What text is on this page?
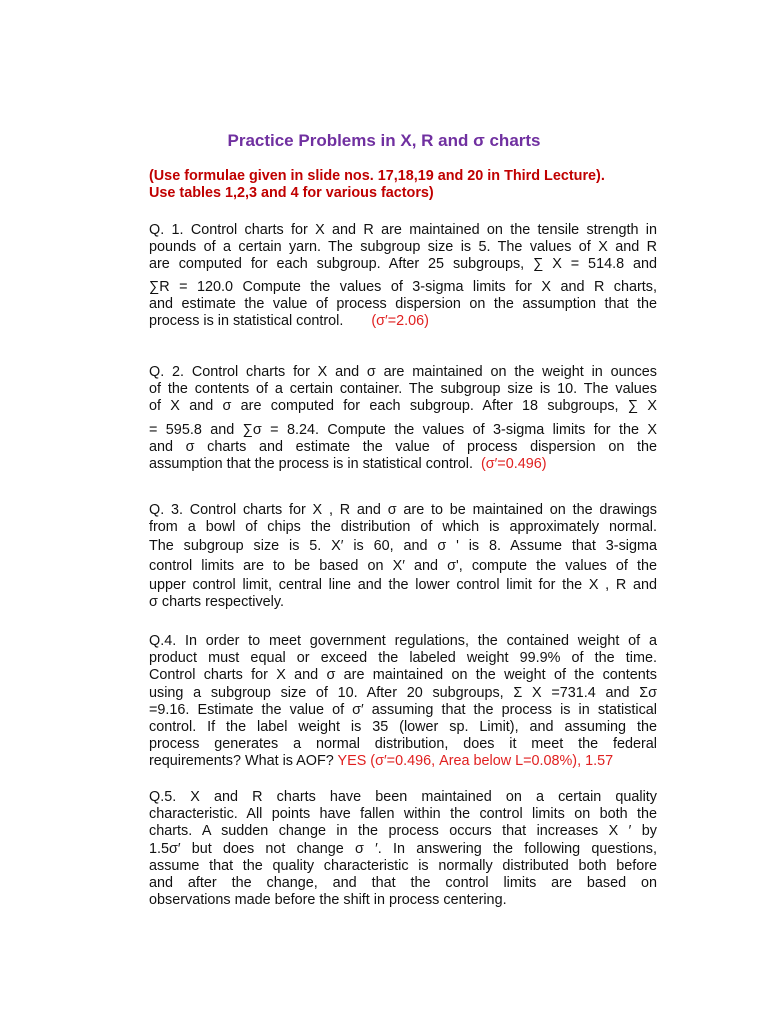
Practice Problems in X, R and σ charts
(Use formulae given in slide nos. 17,18,19 and 20 in Third Lecture).
Use tables 1,2,3 and 4 for various factors)
Q. 1. Control charts for X and R are maintained on the tensile strength in
pounds of a certain yarn. The subgroup size is 5. The values of X and R
are computed for each subgroup. After 25 subgroups, ∑ X = 514.8 and
∑R = 120.0 Compute the values of 3-sigma limits for X and R charts,
and estimate the value of process dispersion on the assumption that the
process is in statistical control. (σ′=2.06)
Q. 2. Control charts for X and σ are maintained on the weight in ounces
of the contents of a certain container. The subgroup size is 10. The values
of X and σ are computed for each subgroup. After 18 subgroups, ∑ X
= 595.8 and ∑σ = 8.24. Compute the values of 3-sigma limits for the X
and σ charts and estimate the value of process dispersion on the
assumption that the process is in statistical control. (σ′=0.496)
Q. 3. Control charts for X , R and σ are to be maintained on the drawings
from a bowl of chips the distribution of which is approximately normal.
The subgroup size is 5. X′ is 60, and σ ' is 8. Assume that 3-sigma
control limits are to be based on X′ and σ', compute the values of the
upper control limit, central line and the lower control limit for the X , R and
σ charts respectively.
Q.4. In order to meet government regulations, the contained weight of a
product must equal or exceed the labeled weight 99.9% of the time.
Control charts for X and σ are maintained on the weight of the contents
using a subgroup size of 10. After 20 subgroups, Σ X =731.4 and Σσ
=9.16. Estimate the value of σ′ assuming that the process is in statistical
control. If the label weight is 35 (lower sp. Limit), and assuming the
process generates a normal distribution, does it meet the federal
requirements? What is AOF? YES (σ′=0.496, Area below L=0.08%), 1.57
Q.5. X and R charts have been maintained on a certain quality
characteristic. All points have fallen within the control limits on both the
charts. A sudden change in the process occurs that increases X ′ by
1.5σ′ but does not change σ ′. In answering the following questions,
assume that the quality characteristic is normally distributed both before
and after the change, and that the control limits are based on
observations made before the shift in process centering.
